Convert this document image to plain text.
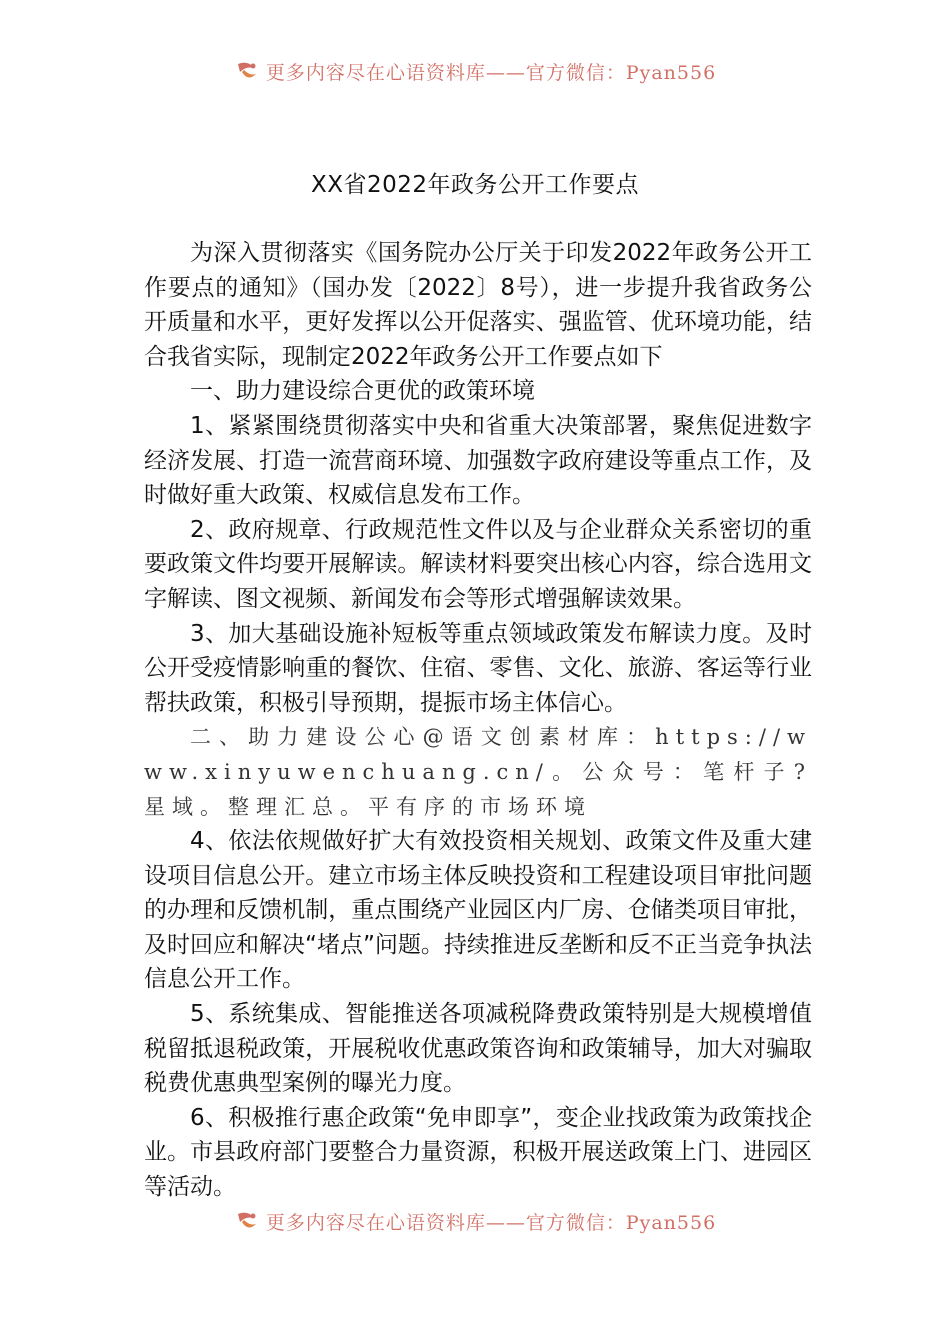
更多内容尽在心语资料库——官方微信：Pyan556
XX省2022年政务公开工作要点

为深入贯彻落实《国务院办公厅关于印发2022年政务公开工作要点的通知》（国办发〔2022〕8号），进一步提升我省政务公开质量和水平，更好发挥以公开促落实、强监管、优环境功能，结合我省实际，现制定2022年政务公开工作要点如下

一、助力建设综合更优的政策环境

1、紧紧围绕贯彻落实中央和省重大决策部署，聚焦促进数字经济发展、打造一流营商环境、加强数字政府建设等重点工作，及时做好重大政策、权威信息发布工作。

2、政府规章、行政规范性文件以及与企业群众关系密切的重要政策文件均要开展解读。解读材料要突出核心内容，综合选用文字解读、图文视频、新闻发布会等形式增强解读效果。

3、加大基础设施补短板等重点领域政策发布解读力度。及时公开受疫情影响重的餐饮、住宿、零售、文化、旅游、客运等行业帮扶政策，积极引导预期，提振市场主体信心。

二、助力建设公心@语文创素材库：https://www.xinyuwenchuang.cn/。公众号：笔杆子?星域。整理汇总。平有序的市场环境

4、依法依规做好扩大有效投资相关规划、政策文件及重大建设项目信息公开。建立市场主体反映投资和工程建设项目审批问题的办理和反馈机制，重点围绕产业园区内厂房、仓储类项目审批，及时回应和解决“堵点”问题。持续推进反垄断和反不正当竞争执法信息公开工作。

5、系统集成、智能推送各项减税降费政策特别是大规模增值税留抵退税政策，开展税收优惠政策咨询和政策辅导，加大对骗取税费优惠典型案例的曝光力度。

6、积极推行惠企政策“免申即享”，变企业找政策为政策找企业。市县政府部门要整合力量资源，积极开展送政策上门、进园区等活动。

更多内容尽在心语资料库——官方微信：Pyan556
